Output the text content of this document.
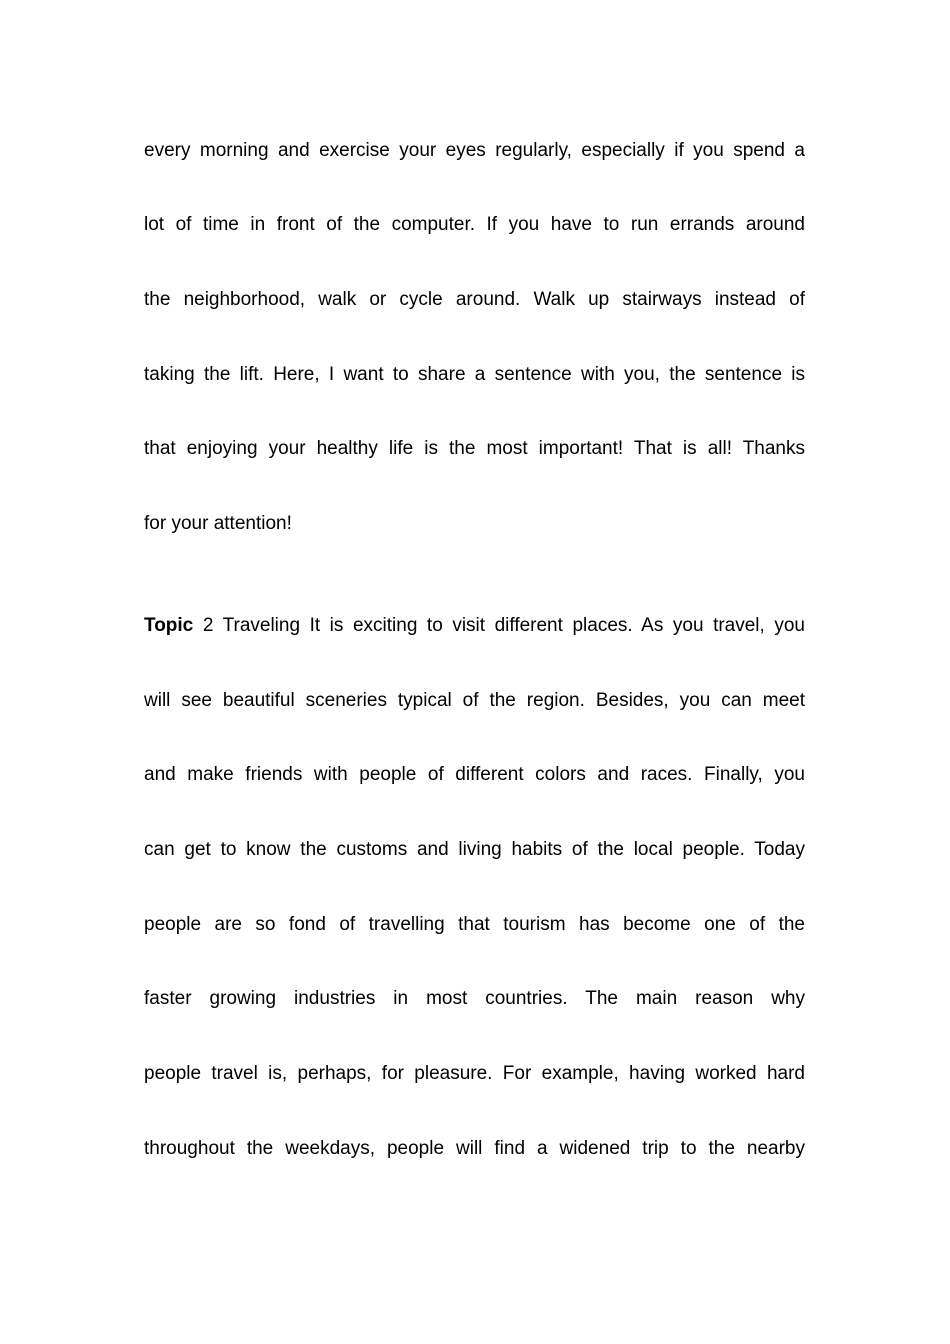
every morning and exercise your eyes regularly, especially if you spend a
lot of time in front of the computer. If you have to run errands around
the neighborhood, walk or cycle around. Walk up stairways instead of
taking the lift. Here, I want to share a sentence with you, the sentence is
that enjoying your healthy life is the most important! That is all! Thanks
for your attention!
Topic 2 Traveling It is exciting to visit different places. As you travel, you
will see beautiful sceneries typical of the region. Besides, you can meet
and make friends with people of different colors and races. Finally, you
can get to know the customs and living habits of the local people. Today
people are so fond of travelling that tourism has become one of the
faster growing industries in most countries. The main reason why
people travel is, perhaps, for pleasure. For example, having worked hard
throughout the weekdays, people will find a widened trip to the nearby
